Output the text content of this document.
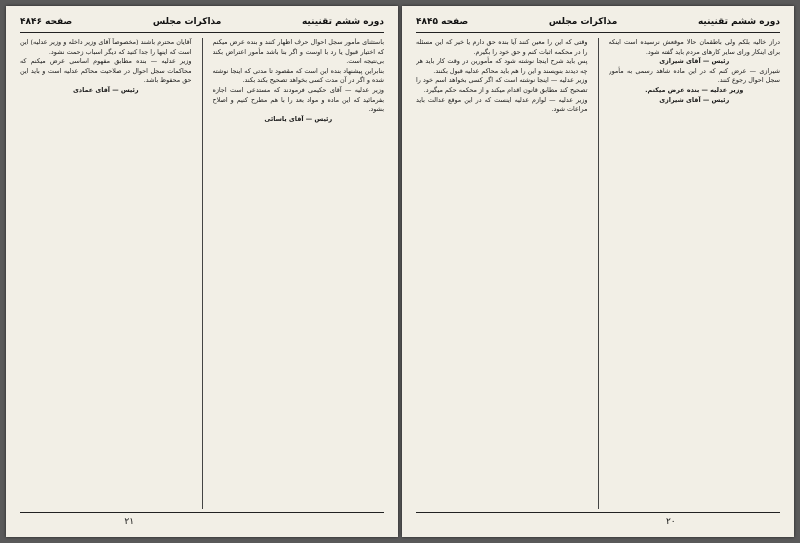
دوره ششم تقنینیه
مذاکرات مجلس
صفحه ۴۸۴۶

باستثنای مأمور سجل احوال حرف اظهار کنند و بنده عرض میکنم که اختیار قبول یا رد با اوست و اگر بنا باشد مأمور اعتراض بکند بی‌نتیجه است.

بنابراین پیشنهاد بنده این است که مقصود تا مدتی که اینجا نوشته شده و اگر در آن مدت کسی بخواهد تصحیح بکند بکند.

وزیر عدلیه — آقای حکیمی فرمودند که مستدعی است اجازه بفرمائید که این ماده و مواد بعد را با هم مطرح کنیم و اصلاح بشود.

رئیس — آقای یاسائی

آقایان محترم باشند (مخصوصاً آقای وزیر داخله و وزیر عدلیه) این است که اینها را جدا کنید که دیگر اسباب زحمت نشود.

وزیر عدلیه — بنده مطابق مفهوم اساسی عرض میکنم که محاکمات سجل احوال در صلاحیت محاکم عدلیه است و باید این حق محفوظ باشد.

رئیس — آقای عمادی

۲۱
دوره ششم تقنینیه
مذاکرات مجلس
صفحه ۴۸۴۵

دراز خالیه بلکم ولی باطقمان حالا موقعش نرسیده است اینکه برای اینکار ورای سایر کارهای مردم باید گفته شود.

رئیس — آقای شیرازی

شیرازی — عرض کنم که در این ماده شاهد رسمی به مأمور سجل احوال رجوع کنند.

وزیر عدلیه — بنده عرض میکنم.

رئیس — آقای شیرازی

وقتی که این را معین کنند آیا بنده حق دارم یا خیر که این مسئله را در محکمه اثبات کنم و حق خود را بگیرم.

پس باید شرح اینجا نوشته شود که مأمورین در وقت کار باید هر چه دیدند بنویسند و این را هم باید محاکم عدلیه قبول بکنند.

وزیر عدلیه — اینجا نوشته است که اگر کسی بخواهد اسم خود را تصحیح کند مطابق قانون اقدام میکند و از محکمه حکم میگیرد.

وزیر عدلیه — لوازم عدلیه اینست که در این موقع عدالت باید مراعات شود.

۲۰
